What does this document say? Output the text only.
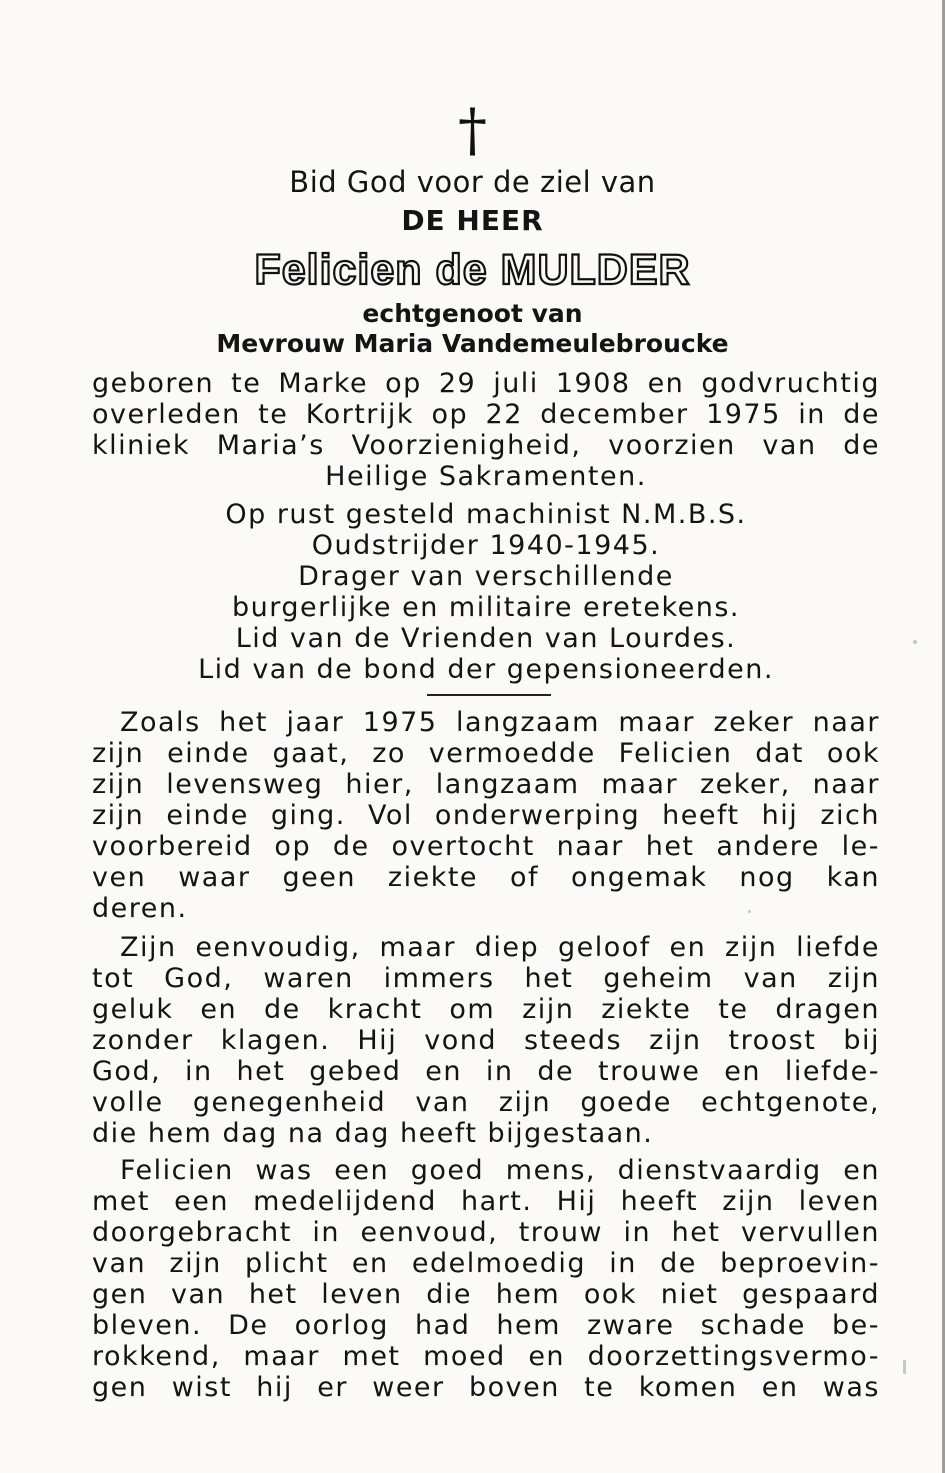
†
Bid God voor de ziel van
DE HEER
Felicien de MULDER
echtgenoot van
Mevrouw Maria Vandemeulebroucke
geboren te Marke op 29 juli 1908 en godvruchtig
overleden te Kortrijk op 22 december 1975 in de
kliniek Maria’s Voorzienigheid, voorzien van de
Heilige Sakramenten.
Op rust gesteld machinist N.M.B.S.
Oudstrijder 1940-1945.
Drager van verschillende
burgerlijke en militaire eretekens.
Lid van de Vrienden van Lourdes.
Lid van de bond der gepensioneerden.
Zoals het jaar 1975 langzaam maar zeker naar
zijn einde gaat, zo vermoedde Felicien dat ook
zijn levensweg hier, langzaam maar zeker, naar
zijn einde ging. Vol onderwerping heeft hij zich
voorbereid op de overtocht naar het andere le-
ven waar geen ziekte of ongemak nog kan
deren.
Zijn eenvoudig, maar diep geloof en zijn liefde
tot God, waren immers het geheim van zijn
geluk en de kracht om zijn ziekte te dragen
zonder klagen. Hij vond steeds zijn troost bij
God, in het gebed en in de trouwe en liefde-
volle genegenheid van zijn goede echtgenote,
die hem dag na dag heeft bijgestaan.
Felicien was een goed mens, dienstvaardig en
met een medelijdend hart. Hij heeft zijn leven
doorgebracht in eenvoud, trouw in het vervullen
van zijn plicht en edelmoedig in de beproevin-
gen van het leven die hem ook niet gespaard
bleven. De oorlog had hem zware schade be-
rokkend, maar met moed en doorzettingsvermo-
gen wist hij er weer boven te komen en was
